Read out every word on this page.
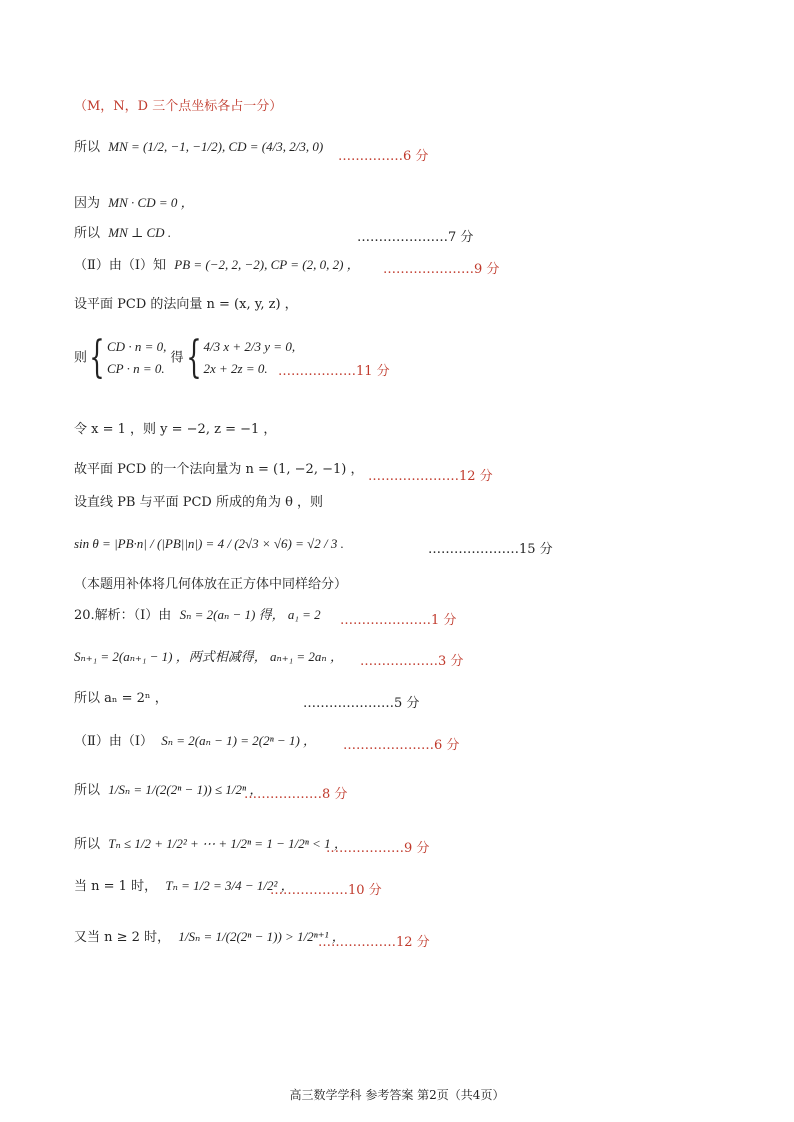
（M，N，D 三个点坐标各占一分）
所以 MN = (1/2, −1, −1/2), CD = (4/3, 2/3, 0)
……………6 分
因为 MN · CD = 0 ，
所以 MN ⊥ CD .	…………………7 分
（Ⅱ）由（Ⅰ）知 PB = (−2, 2, −2), CP = (2, 0, 2) ， …………………9 分
设平面 PCD 的法向量 n = (x, y, z) ，
则{ CD · n = 0,
CP · n = 0.
得{ 4/3 x + 2/3 y = 0,
2x + 2z = 0. ………………11 分
令 x = 1 ，则 y = −2, z = −1 ，
故平面 PCD 的一个法向量为 n = (1, −2, −1) ， …………………12 分
设直线 PB 与平面 PCD 所成的角为 θ ，则
sin θ = |PB·n| / (|PB||n|) = 4 / (2√3 × √6) = √2 / 3 .	…………………15 分
（本题用补体将几何体放在正方体中同样给分）
20.解析：（Ⅰ）由 Sₙ = 2(aₙ − 1) 得， a₁ = 2 …………………1 分
Sₙ₊₁ = 2(aₙ₊₁ − 1) ，两式相减得， aₙ₊₁ = 2aₙ ， ………………3 分
所以 aₙ = 2ⁿ ，	…………………5 分
（Ⅱ）由（Ⅰ） Sₙ = 2(aₙ − 1) = 2(2ⁿ − 1) ， …………………6 分
所以 1/Sₙ = 1/(2(2ⁿ − 1)) ≤ 1/2ⁿ ，
………………8 分
所以 Tₙ ≤ 1/2 + 1/2² + ⋯ + 1/2ⁿ = 1 − 1/2ⁿ < 1 ，
………………9 分
当 n = 1 时， Tₙ = 1/2 = 3/4 − 1/2² ，
………………10 分
又当 n ≥ 2 时， 1/Sₙ = 1/(2(2ⁿ − 1)) > 1/2ⁿ⁺¹ ，
………………12 分
高三数学学科 参考答案 第2页（共4页）
